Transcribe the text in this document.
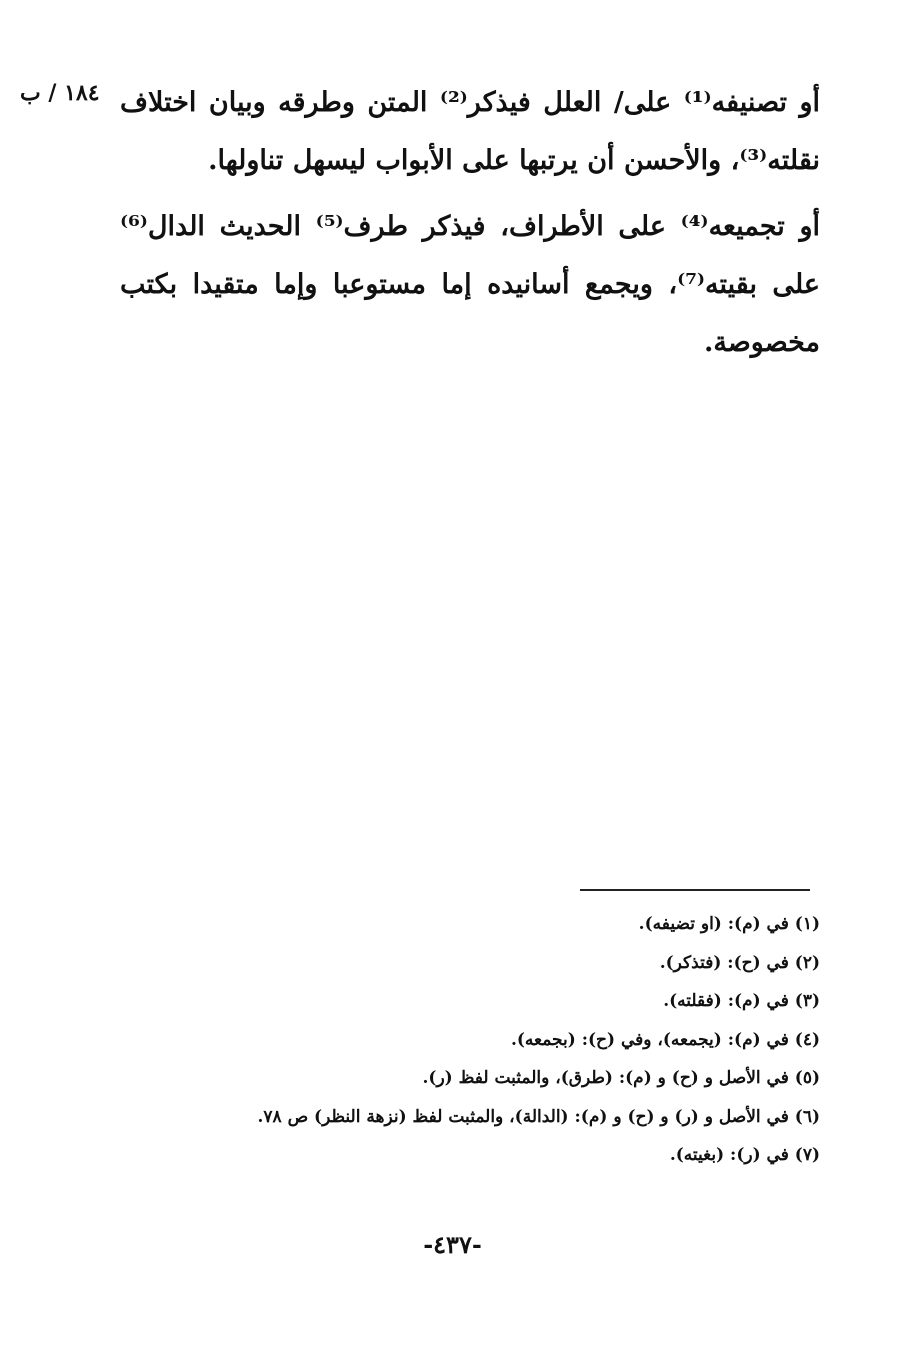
١٨٤ / ب أو تصنيفه⁽¹⁾ على/ العلل فيذكر⁽²⁾ المتن وطرقه وبيان اختلاف نقلته⁽³⁾، والأحسن أن يرتبها على الأبواب ليسهل تناولها.

أو تجميعه⁽⁴⁾ على الأطراف، فيذكر طرف⁽⁵⁾ الحديث الدال⁽⁶⁾ على بقيته⁽⁷⁾، ويجمع أسانيده إما مستوعبا وإما متقيدا بكتب مخصوصة.

(١) في (م): (او تضيفه).
(٢) في (ح): (فتذكر).
(٣) في (م): (فقلته).
(٤) في (م): (يجمعه)، وفي (ح): (بجمعه).
(٥) في الأصل و (ح) و (م): (طرق)، والمثبت لفظ (ر).
(٦) في الأصل و (ر) و (ح) و (م): (الدالة)، والمثبت لفظ (نزهة النظر) ص ٧٨.
(٧) في (ر): (بغيته).
-٤٣٧-
